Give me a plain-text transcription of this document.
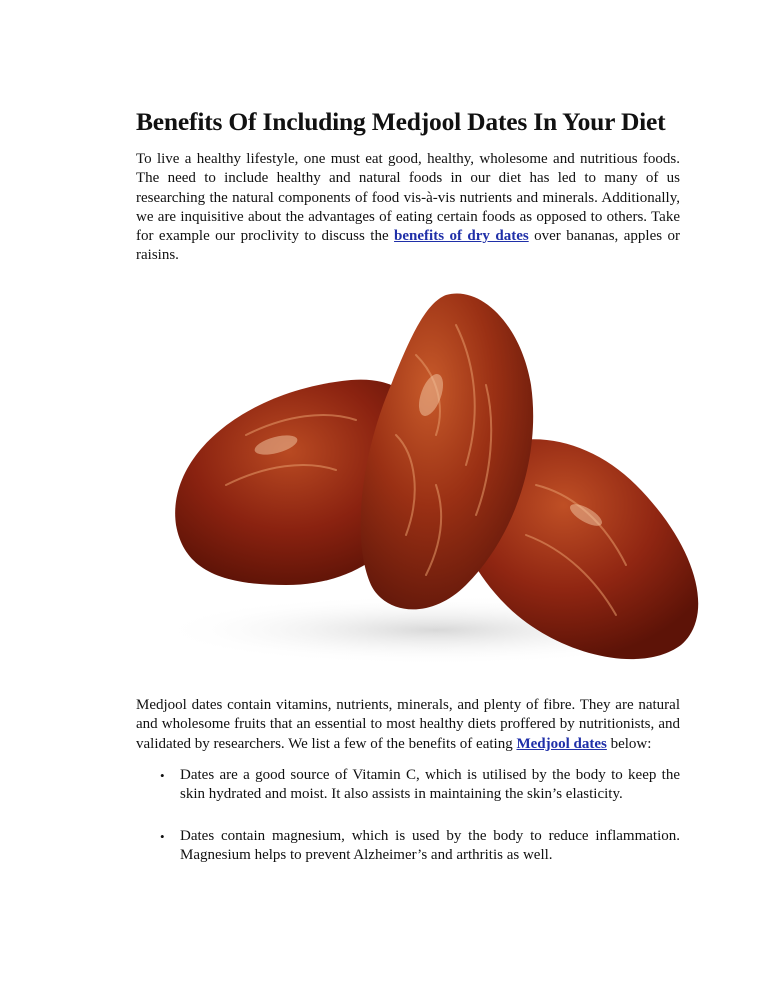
Benefits Of Including Medjool Dates In Your Diet

To live a healthy lifestyle, one must eat good, healthy, wholesome and nutritious foods. The need to include healthy and natural foods in our diet has led to many of us researching the natural components of food vis-à-vis nutrients and minerals. Additionally, we are inquisitive about the advantages of eating certain foods as opposed to others. Take for example our proclivity to discuss the benefits of dry dates over bananas, apples or raisins.

Medjool dates contain vitamins, nutrients, minerals, and plenty of fibre. They are natural and wholesome fruits that an essential to most healthy diets proffered by nutritionists, and validated by researchers. We list a few of the benefits of eating Medjool dates below:

• Dates are a good source of Vitamin C, which is utilised by the body to keep the skin hydrated and moist. It also assists in maintaining the skin’s elasticity.
• Dates contain magnesium, which is used by the body to reduce inflammation. Magnesium helps to prevent Alzheimer’s and arthritis as well.
